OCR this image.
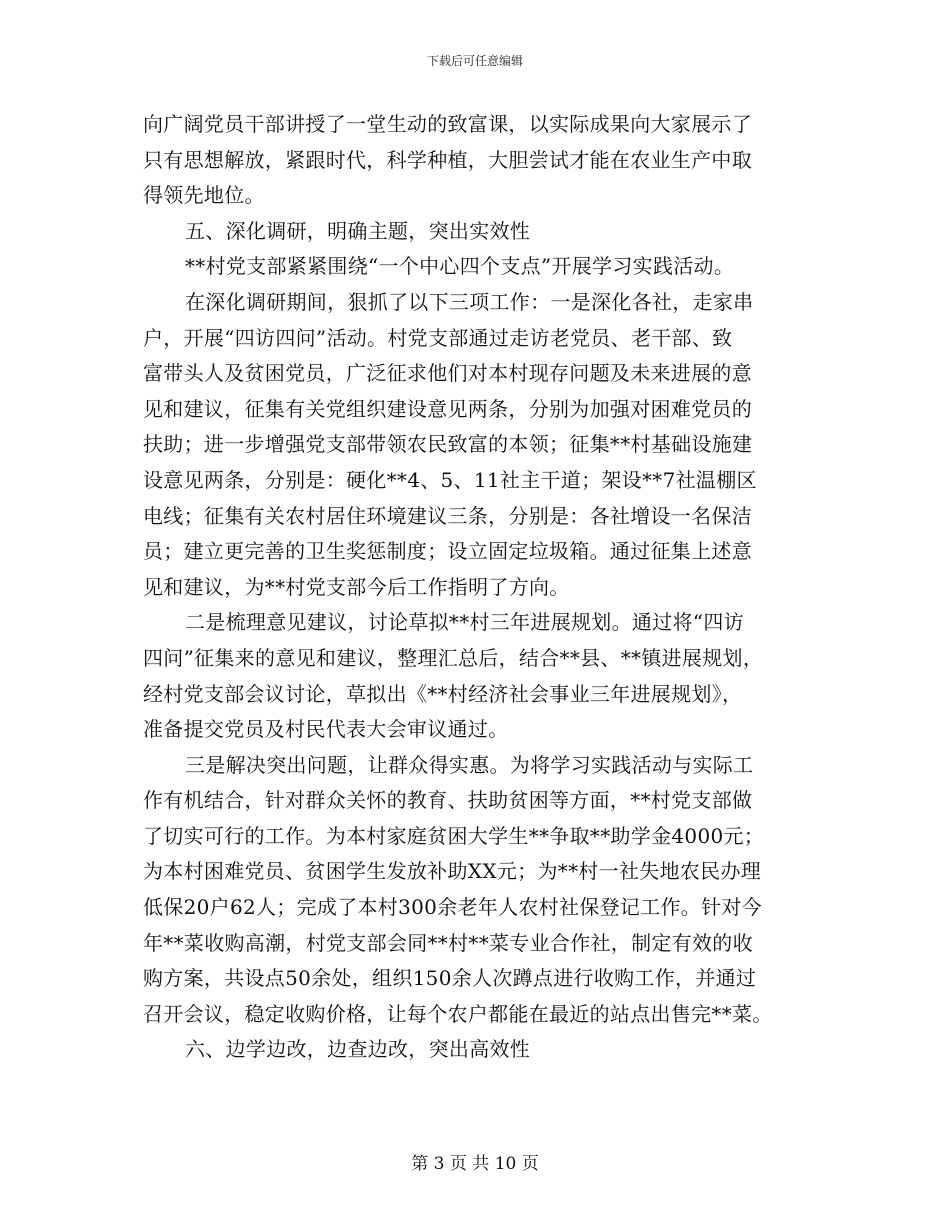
下载后可任意编辑
向广阔党员干部讲授了一堂生动的致富课，以实际成果向大家展示了
只有思想解放，紧跟时代，科学种植，大胆尝试才能在农业生产中取
得领先地位。
五、深化调研，明确主题，突出实效性
**村党支部紧紧围绕“一个中心四个支点”开展学习实践活动。
在深化调研期间，狠抓了以下三项工作：一是深化各社，走家串
户，开展“四访四问”活动。村党支部通过走访老党员、老干部、致
富带头人及贫困党员，广泛征求他们对本村现存问题及未来进展的意
见和建议，征集有关党组织建设意见两条，分别为加强对困难党员的
扶助；进一步增强党支部带领农民致富的本领；征集**村基础设施建
设意见两条，分别是：硬化**4、5、11社主干道；架设**7社温棚区
电线；征集有关农村居住环境建议三条，分别是：各社增设一名保洁
员；建立更完善的卫生奖惩制度；设立固定垃圾箱。通过征集上述意
见和建议，为**村党支部今后工作指明了方向。
二是梳理意见建议，讨论草拟**村三年进展规划。通过将“四访
四问”征集来的意见和建议，整理汇总后，结合**县、**镇进展规划，
经村党支部会议讨论，草拟出《**村经济社会事业三年进展规划》，
准备提交党员及村民代表大会审议通过。
三是解决突出问题，让群众得实惠。为将学习实践活动与实际工
作有机结合，针对群众关怀的教育、扶助贫困等方面，**村党支部做
了切实可行的工作。为本村家庭贫困大学生**争取**助学金4000元；
为本村困难党员、贫困学生发放补助XX元；为**村一社失地农民办理
低保20户62人；完成了本村300余老年人农村社保登记工作。针对今
年**菜收购高潮，村党支部会同**村**菜专业合作社，制定有效的收
购方案，共设点50余处，组织150余人次蹲点进行收购工作，并通过
召开会议，稳定收购价格，让每个农户都能在最近的站点出售完**菜。
六、边学边改，边查边改，突出高效性
第 3 页 共 10 页
